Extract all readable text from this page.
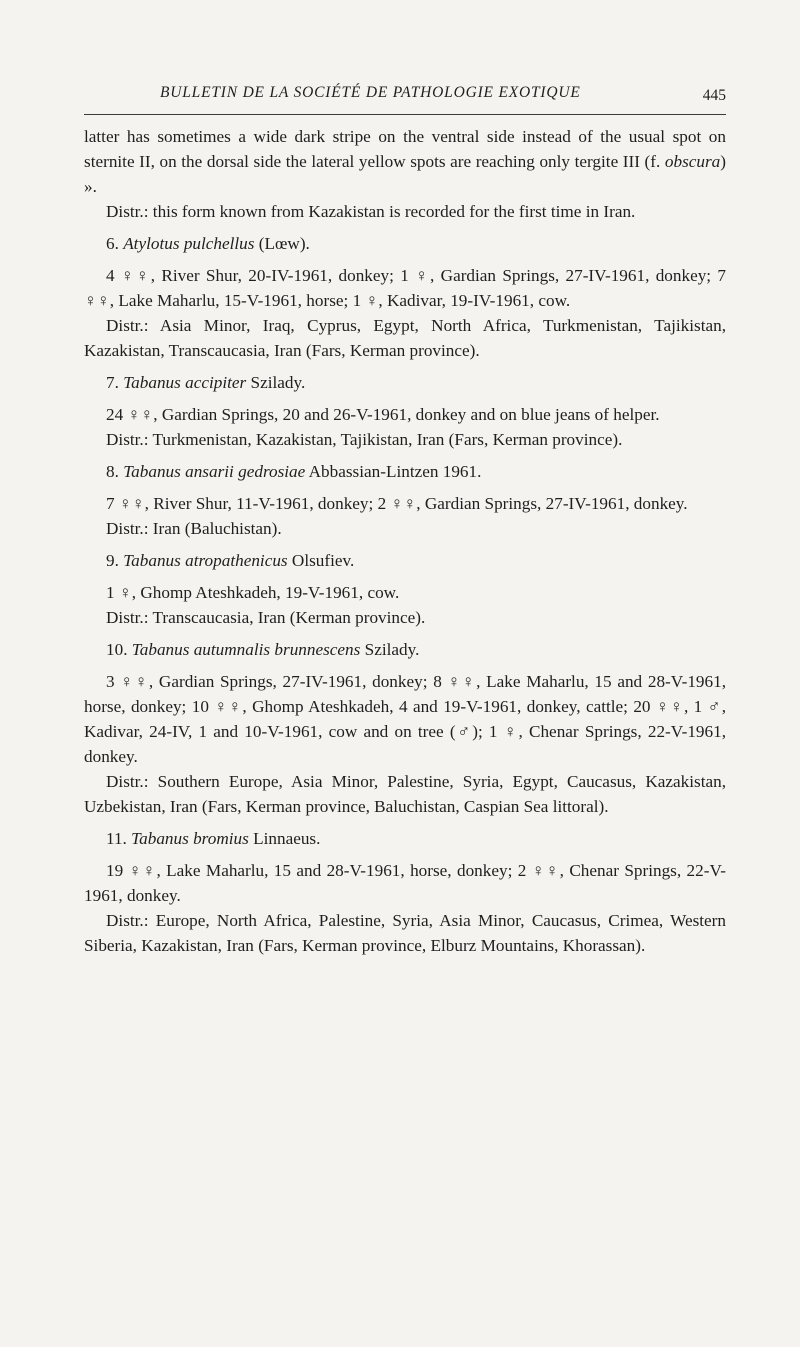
BULLETIN DE LA SOCIÉTÉ DE PATHOLOGIE EXOTIQUE	445

latter has sometimes a wide dark stripe on the ventral side instead of the usual spot on sternite II, on the dorsal side the lateral yellow spots are reaching only tergite III (f. obscura) ».

Distr.: this form known from Kazakistan is recorded for the first time in Iran.

6. Atylotus pulchellus (Lœw).

4 ♀♀, River Shur, 20-IV-1961, donkey; 1 ♀, Gardian Springs, 27-IV-1961, donkey; 7 ♀♀, Lake Maharlu, 15-V-1961, horse; 1 ♀, Kadivar, 19-IV-1961, cow.

Distr.: Asia Minor, Iraq, Cyprus, Egypt, North Africa, Turkmenistan, Tajikistan, Kazakistan, Transcaucasia, Iran (Fars, Kerman province).

7. Tabanus accipiter Szilady.

24 ♀♀, Gardian Springs, 20 and 26-V-1961, donkey and on blue jeans of helper.

Distr.: Turkmenistan, Kazakistan, Tajikistan, Iran (Fars, Kerman province).

8. Tabanus ansarii gedrosiae Abbassian-Lintzen 1961.

7 ♀♀, River Shur, 11-V-1961, donkey; 2 ♀♀, Gardian Springs, 27-IV-1961, donkey.

Distr.: Iran (Baluchistan).

9. Tabanus atropathenicus Olsufiev.

1 ♀, Ghomp Ateshkadeh, 19-V-1961, cow.

Distr.: Transcaucasia, Iran (Kerman province).

10. Tabanus autumnalis brunnescens Szilady.

3 ♀♀, Gardian Springs, 27-IV-1961, donkey; 8 ♀♀, Lake Maharlu, 15 and 28-V-1961, horse, donkey; 10 ♀♀, Ghomp Ateshkadeh, 4 and 19-V-1961, donkey, cattle; 20 ♀♀, 1 ♂, Kadivar, 24-IV, 1 and 10-V-1961, cow and on tree (♂); 1 ♀, Chenar Springs, 22-V-1961, donkey.

Distr.: Southern Europe, Asia Minor, Palestine, Syria, Egypt, Caucasus, Kazakistan, Uzbekistan, Iran (Fars, Kerman province, Baluchistan, Caspian Sea littoral).

11. Tabanus bromius Linnaeus.

19 ♀♀, Lake Maharlu, 15 and 28-V-1961, horse, donkey; 2 ♀♀, Chenar Springs, 22-V-1961, donkey.

Distr.: Europe, North Africa, Palestine, Syria, Asia Minor, Caucasus, Crimea, Western Siberia, Kazakistan, Iran (Fars, Kerman province, Elburz Mountains, Khorassan).
